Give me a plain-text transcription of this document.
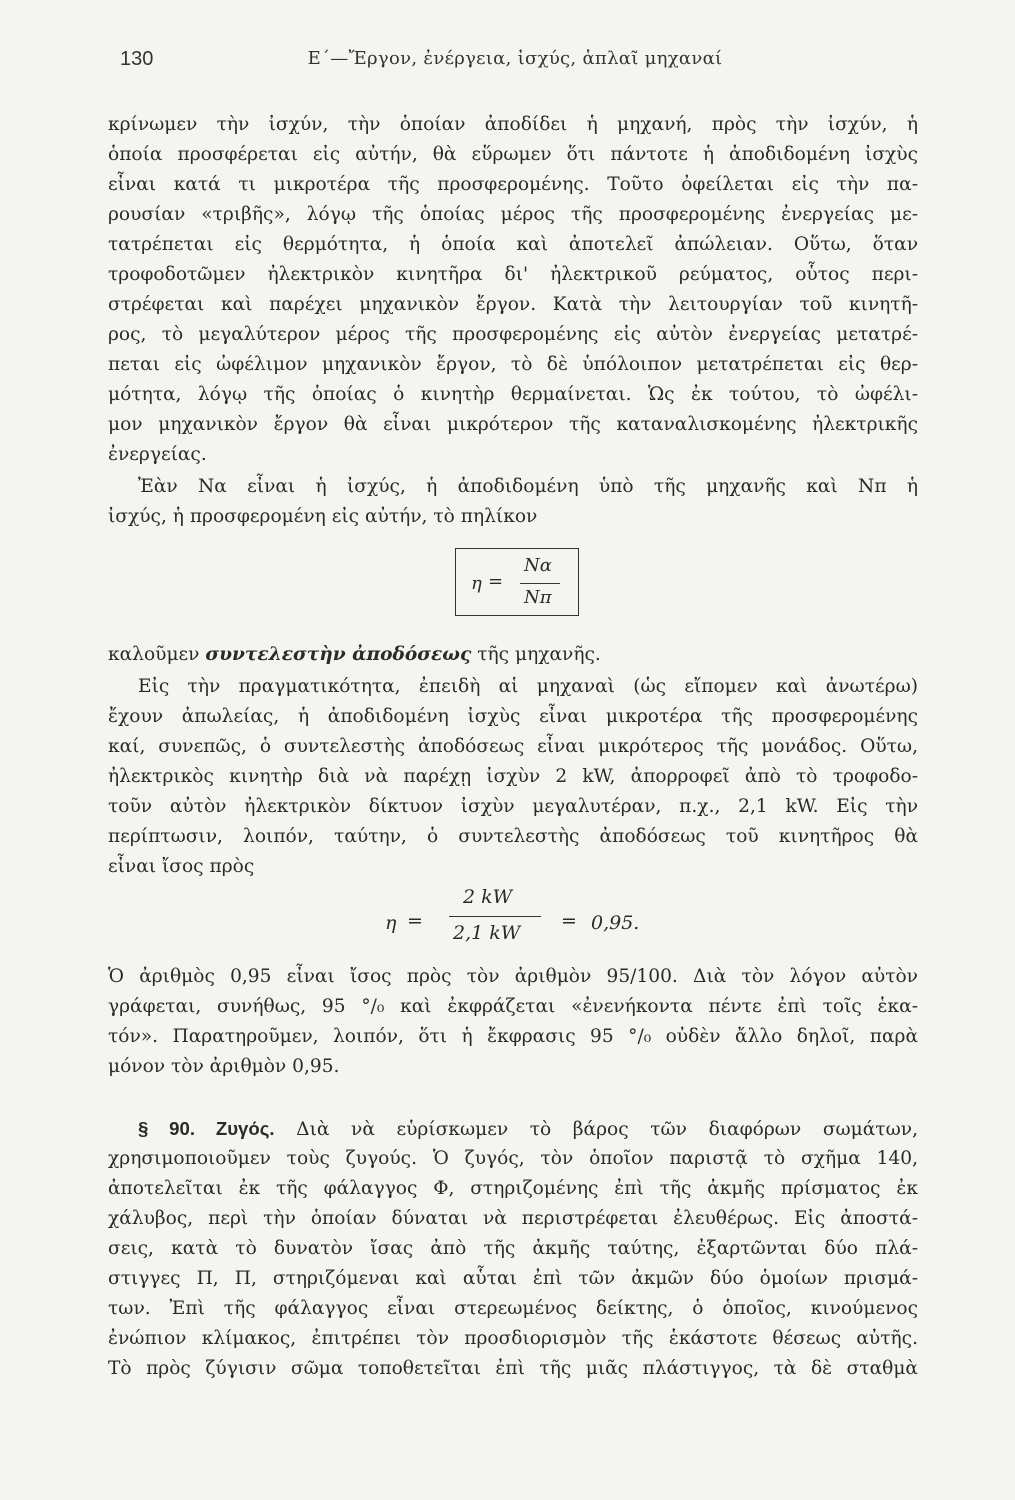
130	Ε΄—Ἔργον, ἐνέργεια, ἰσχύς, ἁπλαῖ μηχαναί
κρίνωμεν τὴν ἰσχύν, τὴν ὁποίαν ἀποδίδει ἡ μηχανή, πρὸς τὴν ἰσχύν, ἡ
ὁποία προσφέρεται εἰς αὐτήν, θὰ εὕρωμεν ὅτι πάντοτε ἡ ἀποδιδομένη ἰσχὺς
εἶναι κατά τι μικροτέρα τῆς προσφερομένης. Τοῦτο ὀφείλεται εἰς τὴν πα-
ρουσίαν «τριβῆς», λόγῳ τῆς ὁποίας μέρος τῆς προσφερομένης ἐνεργείας με-
τατρέπεται εἰς θερμότητα, ἡ ὁποία καὶ ἀποτελεῖ ἀπώλειαν. Οὕτω, ὅταν
τροφοδοτῶμεν ἠλεκτρικὸν κινητῆρα δι' ἠλεκτρικοῦ ρεύματος, οὗτος περι-
στρέφεται καὶ παρέχει μηχανικὸν ἔργον. Κατὰ τὴν λειτουργίαν τοῦ κινητῆ-
ρος, τὸ μεγαλύτερον μέρος τῆς προσφερομένης εἰς αὐτὸν ἐνεργείας μετατρέ-
πεται εἰς ὠφέλιμον μηχανικὸν ἔργον, τὸ δὲ ὑπόλοιπον μετατρέπεται εἰς θερ-
μότητα, λόγῳ τῆς ὁποίας ὁ κινητὴρ θερμαίνεται. Ὡς ἐκ τούτου, τὸ ὠφέλι-
μον μηχανικὸν ἔργον θὰ εἶναι μικρότερον τῆς καταναλισκομένης ἠλεκτρικῆς
ἐνεργείας.
Ἐὰν Nα εἶναι ἡ ἰσχύς, ἡ ἀποδιδομένη ὑπὸ τῆς μηχανῆς καὶ Nπ ἡ
ἰσχύς, ἡ προσφερομένη εἰς αὐτήν, τὸ πηλίκον
η =
Nα
Nπ
καλοῦμεν συντελεστὴν ἀποδόσεως τῆς μηχανῆς.
Εἰς τὴν πραγματικότητα, ἐπειδὴ αἱ μηχαναὶ (ὡς εἴπομεν καὶ ἀνωτέρω)
ἔχουν ἀπωλείας, ἡ ἀποδιδομένη ἰσχὺς εἶναι μικροτέρα τῆς προσφερομένης
καί, συνεπῶς, ὁ συντελεστὴς ἀποδόσεως εἶναι μικρότερος τῆς μονάδος. Οὕτω,
ἠλεκτρικὸς κινητὴρ διὰ νὰ παρέχῃ ἰσχὺν 2 kW, ἀπορροφεῖ ἀπὸ τὸ τροφοδο-
τοῦν αὐτὸν ἠλεκτρικὸν δίκτυον ἰσχὺν μεγαλυτέραν, π.χ., 2,1 kW. Εἰς τὴν
περίπτωσιν, λοιπόν, ταύτην, ὁ συντελεστὴς ἀποδόσεως τοῦ κινητῆρος θὰ
εἶναι ἴσος πρὸς
η =
2 kW
2,1 kW
= 0,95.
Ὁ ἀριθμὸς 0,95 εἶναι ἴσος πρὸς τὸν ἀριθμὸν 95/100. Διὰ τὸν λόγον αὐτὸν
γράφεται, συνήθως, 95 °/₀ καὶ ἐκφράζεται «ἐνενήκοντα πέντε ἐπὶ τοῖς ἑκα-
τόν». Παρατηροῦμεν, λοιπόν, ὅτι ἡ ἔκφρασις 95 °/₀ οὐδὲν ἄλλο δηλοῖ, παρὰ
μόνον τὸν ἀριθμὸν 0,95.
§ 90. Ζυγός. Διὰ νὰ εὑρίσκωμεν τὸ βάρος τῶν διαφόρων σωμάτων,
χρησιμοποιοῦμεν τοὺς ζυγούς. Ὁ ζυγός, τὸν ὁποῖον παριστᾷ τὸ σχῆμα 140,
ἀποτελεῖται ἐκ τῆς φάλαγγος Φ, στηριζομένης ἐπὶ τῆς ἀκμῆς πρίσματος ἐκ
χάλυβος, περὶ τὴν ὁποίαν δύναται νὰ περιστρέφεται ἐλευθέρως. Εἰς ἀποστά-
σεις, κατὰ τὸ δυνατὸν ἴσας ἀπὸ τῆς ἀκμῆς ταύτης, ἐξαρτῶνται δύο πλά-
στιγγες Π, Π, στηριζόμεναι καὶ αὗται ἐπὶ τῶν ἀκμῶν δύο ὁμοίων πρισμά-
των. Ἐπὶ τῆς φάλαγγος εἶναι στερεωμένος δείκτης, ὁ ὁποῖος, κινούμενος
ἐνώπιον κλίμακος, ἐπιτρέπει τὸν προσδιορισμὸν τῆς ἑκάστοτε θέσεως αὐτῆς.
Τὸ πρὸς ζύγισιν σῶμα τοποθετεῖται ἐπὶ τῆς μιᾶς πλάστιγγος, τὰ δὲ σταθμὰ
